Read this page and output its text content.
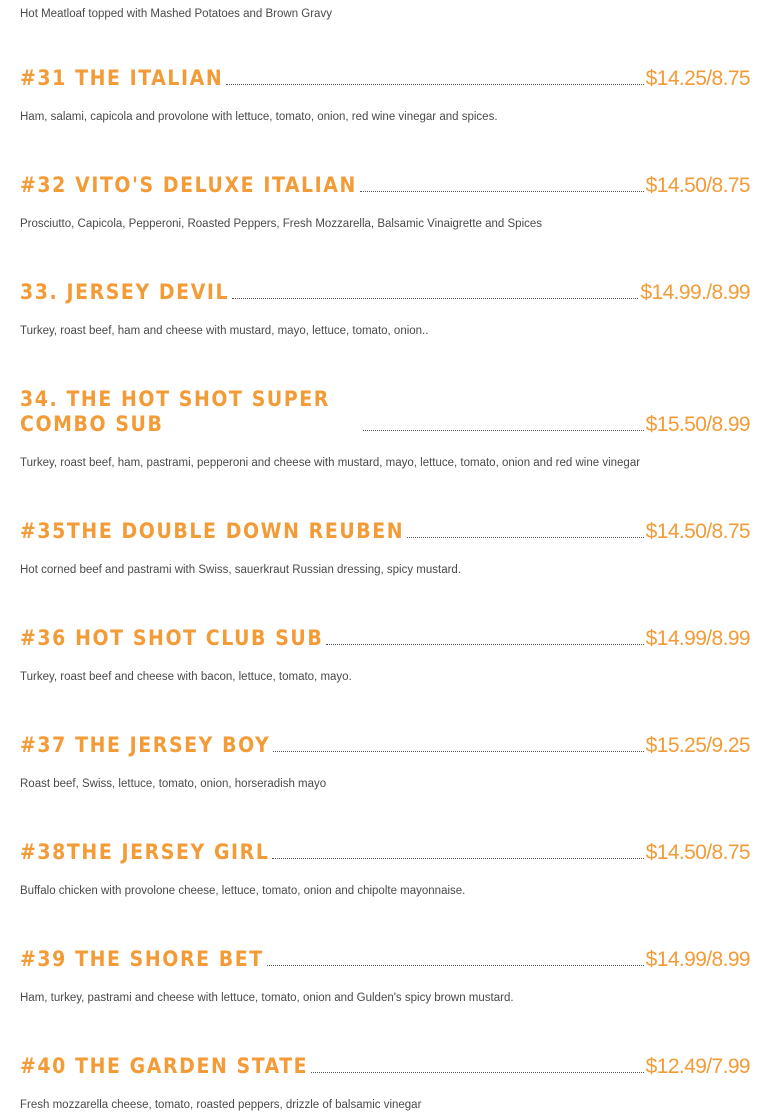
Hot Meatloaf topped with Mashed Potatoes and Brown Gravy
#31 THE ITALIAN	$14.25/8.75
Ham, salami, capicola and provolone with lettuce, tomato, onion, red wine vinegar and spices.
#32 VITO'S DELUXE ITALIAN	$14.50/8.75
Prosciutto, Capicola, Pepperoni, Roasted Peppers, Fresh Mozzarella, Balsamic Vinaigrette and Spices
33. JERSEY DEVIL	$14.99./8.99
Turkey, roast beef, ham and cheese with mustard, mayo, lettuce, tomato, onion..
34. THE HOT SHOT SUPER COMBO SUB	$15.50/8.99
Turkey, roast beef, ham, pastrami, pepperoni and cheese with mustard, mayo, lettuce, tomato, onion and red wine vinegar
#35THE DOUBLE DOWN REUBEN	$14.50/8.75
Hot corned beef and pastrami with Swiss, sauerkraut Russian dressing, spicy mustard.
#36 HOT SHOT CLUB SUB	$14.99/8.99
Turkey, roast beef and cheese with bacon, lettuce, tomato, mayo.
#37 THE JERSEY BOY	$15.25/9.25
Roast beef, Swiss, lettuce, tomato, onion, horseradish mayo
#38THE JERSEY GIRL	$14.50/8.75
Buffalo chicken with provolone cheese, lettuce, tomato, onion and chipolte mayonnaise.
#39 THE SHORE BET	$14.99/8.99
Ham, turkey, pastrami and cheese with lettuce, tomato, onion and Gulden's spicy brown mustard.
#40 THE GARDEN STATE	$12.49/7.99
Fresh mozzarella cheese, tomato, roasted peppers, drizzle of balsamic vinegar
